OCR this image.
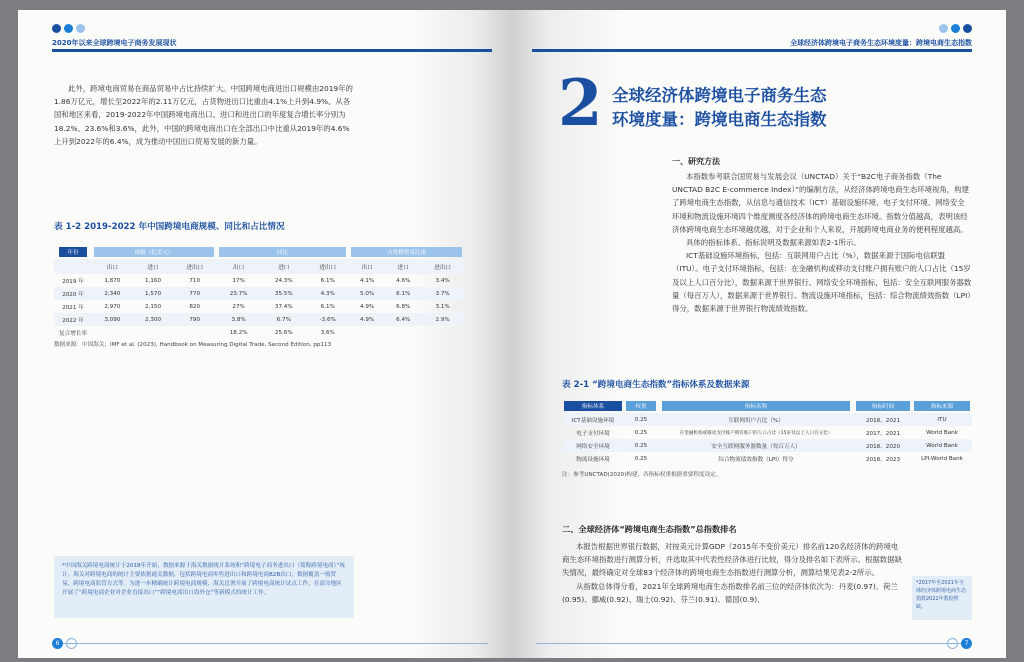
2020年以来全球跨境电子商务发展现状

此外，跨境电商贸易在商品贸易中占比持续扩大。中国跨境电商进出口规模由2019年的1.86万亿元，增长至2022年的2.11万亿元，占货物进出口比重由4.1%上升到4.9%。从各国和地区来看，2019-2022年中国跨境电商出口、进口和进出口的年度复合增长率分别为18.2%、23.6%和3.6%，此外，中国的跨境电商出口在全部出口中比重从2019年的4.6%上升到2022年的6.4%，成为推动中国出口贸易发展的新力量。

表 1-2 2019-2022 年中国跨境电商规模、同比和占比情况
年份	规模（亿美元）			同比			占货物贸易比重		
	出口	进口	进出口	出口	进口	进出口	出口	进口	进出口
2019 年	1,870	1,160	710	17%	24.3%	6.1%	4.1%	4.6%	3.4%
2020 年	2,340	1,570	770	23.7%	35.5%	4.3%	5.0%	6.1%	3.7%
2021 年	2,970	2,150	820	27%	37.4%	6.1%	4.9%	6.8%	3.1%
2022 年	3,090	2,300	790	3.8%	6.7%	-3.6%	4.9%	6.4%	2.9%
复合增长率				18.2%	25.6%	3.6%			
数据来源：中国海关；IMF et al. (2023), Handbook on Measuring Digital Trade, Second Edition, pp113
*中国海关跨境电商统计于2018年开始，数据来源于海关数据统计系统和“跨境电子商务进出口（简称跨境电商）”统计。海关对跨境电商的统计主要依据通关数据，包括跨境电商零售进出口和跨境电商B2B出口，数据覆盖一般贸易、跨境电商监管方式等。为进一步精确统计跨境电商规模，海关总署开展了跨境电商统计试点工作，在部分地区开展了“跨境电商企业对企业直接出口”“跨境电商出口海外仓”等新模式的统计工作。
6
全球经济体跨境电子商务生态环境度量：跨境电商生态指数
2 全球经济体跨境电子商务生态
环境度量：跨境电商生态指数
一、研究方法

本指数参考联合国贸易与发展会议（UNCTAD）关于“B2C电子商务指数（The UNCTAD B2C E-commerce Index）”的编制方法，从经济体跨境电商生态环境视角，构建了跨境电商生态指数，从信息与通信技术（ICT）基础设施环境、电子支付环境、网络安全环境和物流设施环境四个维度测度各经济体的跨境电商生态环境。指数分值越高，表明该经济体跨境电商生态环境越优越，对于企业和个人来说，开展跨境电商业务的便利程度越高。

具体的指标体系、指标说明及数据来源如表2-1所示。

ICT基础设施环境指标，包括：互联网用户占比（%），数据来源于国际电信联盟（ITU）。电子支付环境指标，包括：在金融机构或移动支付账户拥有账户的人口占比（15岁及以上人口百分比），数据来源于世界银行。网络安全环境指标，包括：安全互联网服务器数量（每百万人），数据来源于世界银行。物流设施环境指标，包括：综合物流绩效指数（LPI）得分，数据来源于世界银行物流绩效指数。

表 2-1 “跨境电商生态指数”指标体系及数据来源
指标体系	权重	指标名称	指标时间	指标来源
ICT基础设施环境	0.25	互联网用户占比（%）	2018、2021	ITU
电子支付环境	0.25	在金融机构或移动支付账户拥有账户的人口占比（15岁及以上人口百分比）	2017、2021	World Bank
网络安全环境	0.25	安全互联网服务器数量（每百万人）	2018、2020	World Bank
物流设施环境	0.25	综合物流绩效指数（LPI）得分	2018、2023	LPI-World Bank
注：参考UNCTAD(2020)构建，各指标权重根据重要程度设定。
二、全球经济体“跨境电商生态指数”总指数排名

本报告根据世界银行数据，对按美元计算GDP（2015年不变价美元）排名前120名经济体的跨境电商生态环境指数进行测算分析，并选取其中代表性经济体进行比较，得分及排名如下表所示。根据数据缺失情况，最终确定对全球83个经济体的跨境电商生态指数进行测算分析，测算结果见表2-2所示。

从指数总体得分看，2021年全球跨境电商生态指数排名前三位的经济体依次为：丹麦(0.97)、荷兰(0.95)、挪威(0.92)、瑞士(0.92)、芬兰(0.91)、德国(0.9)、

*2017年至2021年全球经济体跨境电商生态指数2022年数据暂缺。
7
